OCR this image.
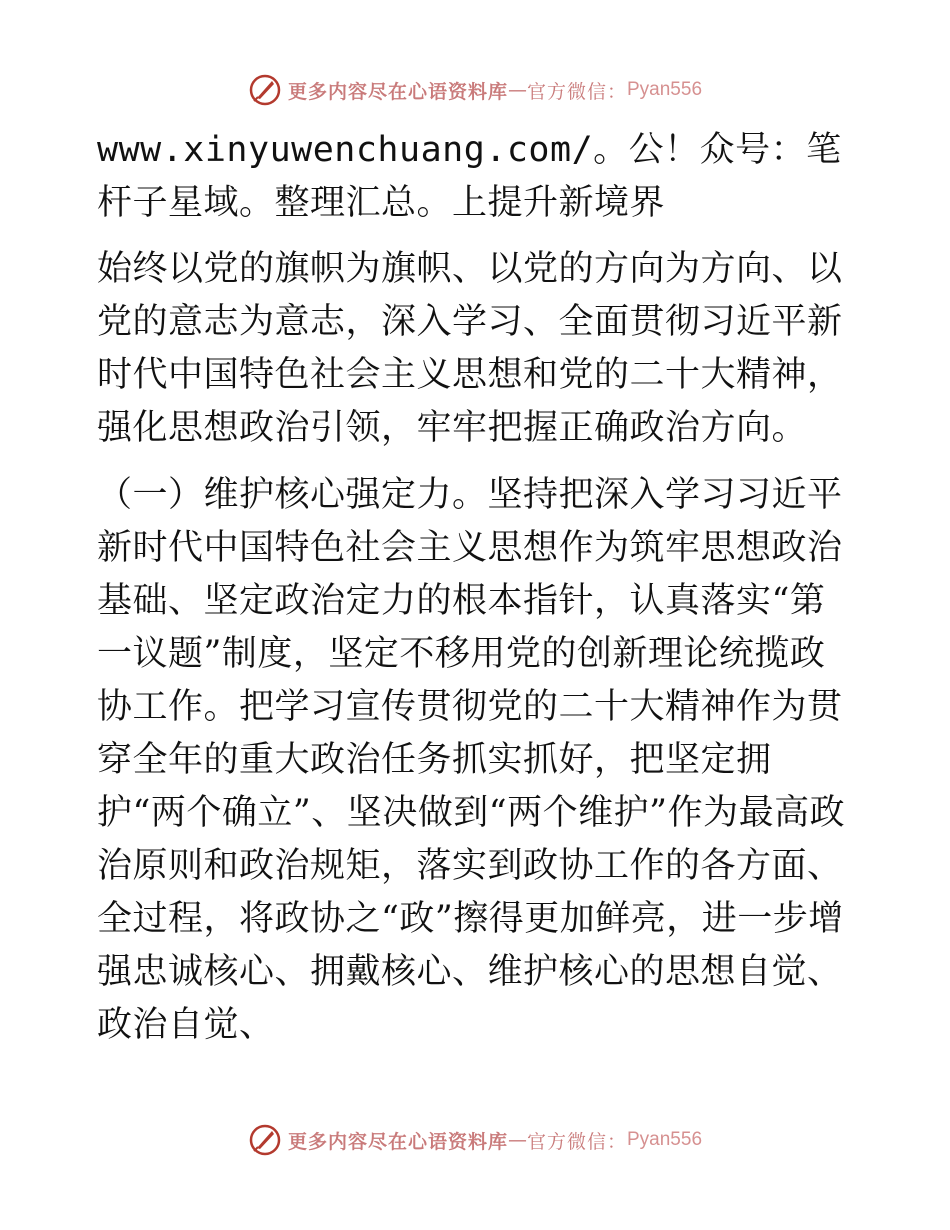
更多内容尽在心语资料库 — 官方微信： Pyan556

www.xinyuwenchuang.com/。公！众号：笔杆子星域。整理汇总。上提升新境界

始终以党的旗帜为旗帜、以党的方向为方向、以党的意志为意志，深入学习、全面贯彻习近平新时代中国特色社会主义思想和党的二十大精神，强化思想政治引领，牢牢把握正确政治方向。

（一）维护核心强定力。坚持把深入学习习近平新时代中国特色社会主义思想作为筑牢思想政治基础、坚定政治定力的根本指针，认真落实“第一议题”制度，坚定不移用党的创新理论统揽政协工作。把学习宣传贯彻党的二十大精神作为贯穿全年的重大政治任务抓实抓好，把坚定拥护“两个确立”、坚决做到“两个维护”作为最高政治原则和政治规矩，落实到政协工作的各方面、全过程，将政协之“政”擦得更加鲜亮，进一步增强忠诚核心、拥戴核心、维护核心的思想自觉、政治自觉、

更多内容尽在心语资料库 — 官方微信： Pyan556
